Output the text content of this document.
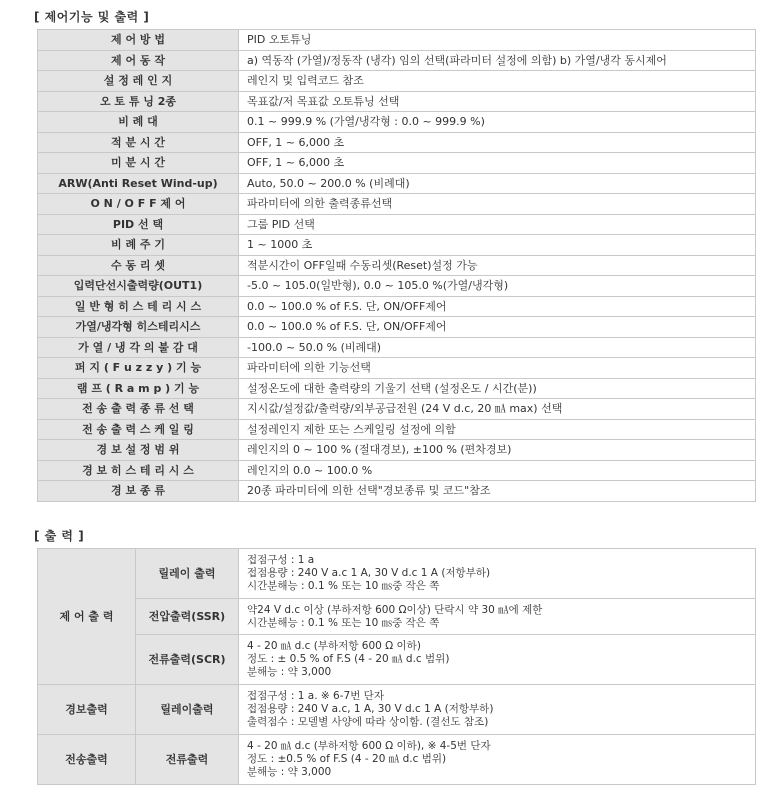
[ 제어기능 및 출력 ]
제 어 방 법	PID 오토튜닝
제 어 동 작	a) 역동작 (가열)/정동작 (냉각) 임의 선택(파라미터 설정에 의함) b) 가열/냉각 동시제어
설 정 레 인 지	레인지 및 입력코드 참조
오 토 튜 닝 2종	목표값/저 목표값 오토튜닝 선택
비 례 대	0.1 ~ 999.9 % (가열/냉각형 : 0.0 ~ 999.9 %)
적 분 시 간	OFF, 1 ~ 6,000 초
미 분 시 간	OFF, 1 ~ 6,000 초
ARW(Anti Reset Wind-up)	Auto, 50.0 ~ 200.0 % (비례대)
O N / O F F 제 어	파라미터에 의한 출력종류선택
PID 선 택	그룹 PID 선택
비 례 주 기	1 ~ 1000 초
수 동 리 셋	적분시간이 OFF일때 수동리셋(Reset)설정 가능
입력단선시출력량(OUT1)	-5.0 ~ 105.0(일반형), 0.0 ~ 105.0 %(가열/냉각형)
일 반 형 히 스 테 리 시 스	0.0 ~ 100.0 % of F.S. 단, ON/OFF제어
가열/냉각형 히스테리시스	0.0 ~ 100.0 % of F.S. 단, ON/OFF제어
가 열 / 냉 각 의 불 감 대	-100.0 ~ 50.0 % (비례대)
퍼 지 ( F u z z y ) 기 능	파라미터에 의한 기능선택
램 프 ( R a m p ) 기 능	설정온도에 대한 출력량의 기울기 선택 (설정온도 / 시간(분))
전 송 출 력 종 류 선 택	지시값/설정값/출력량/외부공급전원 (24 V d.c, 20 ㎃ max) 선택
전 송 출 력 스 케 일 링	설정레인지 제한 또는 스케일링 설정에 의함
경 보 설 정 범 위	레인지의 0 ~ 100 % (절대경보), ±100 % (편차경보)
경 보 히 스 테 리 시 스	레인지의 0.0 ~ 100.0 %
경 보 종 류	20종 파라미터에 의한 선택"경보종류 및 코드"참조
[ 출 력 ]
제 어 출 력	릴레이 출력	접점구성 : 1 a
접점용량 : 240 V a.c 1 A, 30 V d.c 1 A (저항부하)
시간분해능 : 0.1 % 또는 10 ㎳중 작은 쪽

	전압출력(SSR)	약24 V d.c 이상 (부하저항 600 Ω이상) 단락시 약 30 ㎃에 제한
시간분해능 : 0.1 % 또는 10 ㎳중 작은 쪽

	전류출력(SCR)	4 - 20 ㎃ d.c (부하저항 600 Ω 이하)
정도 : ± 0.5 % of F.S (4 - 20 ㎃ d.c 범위)
분해능 : 약 3,000

경보출력	릴레이출력	접점구성 : 1 a. ※ 6-7번 단자
접점용량 : 240 V a.c, 1 A, 30 V d.c 1 A (저항부하)
출력점수 : 모델별 사양에 따라 상이함. (결선도 참조)

전송출력	전류출력	4 - 20 ㎃ d.c (부하저항 600 Ω 이하), ※ 4-5번 단자
정도 : ±0.5 % of F.S (4 - 20 ㎃ d.c 범위)
분해능 : 약 3,000
